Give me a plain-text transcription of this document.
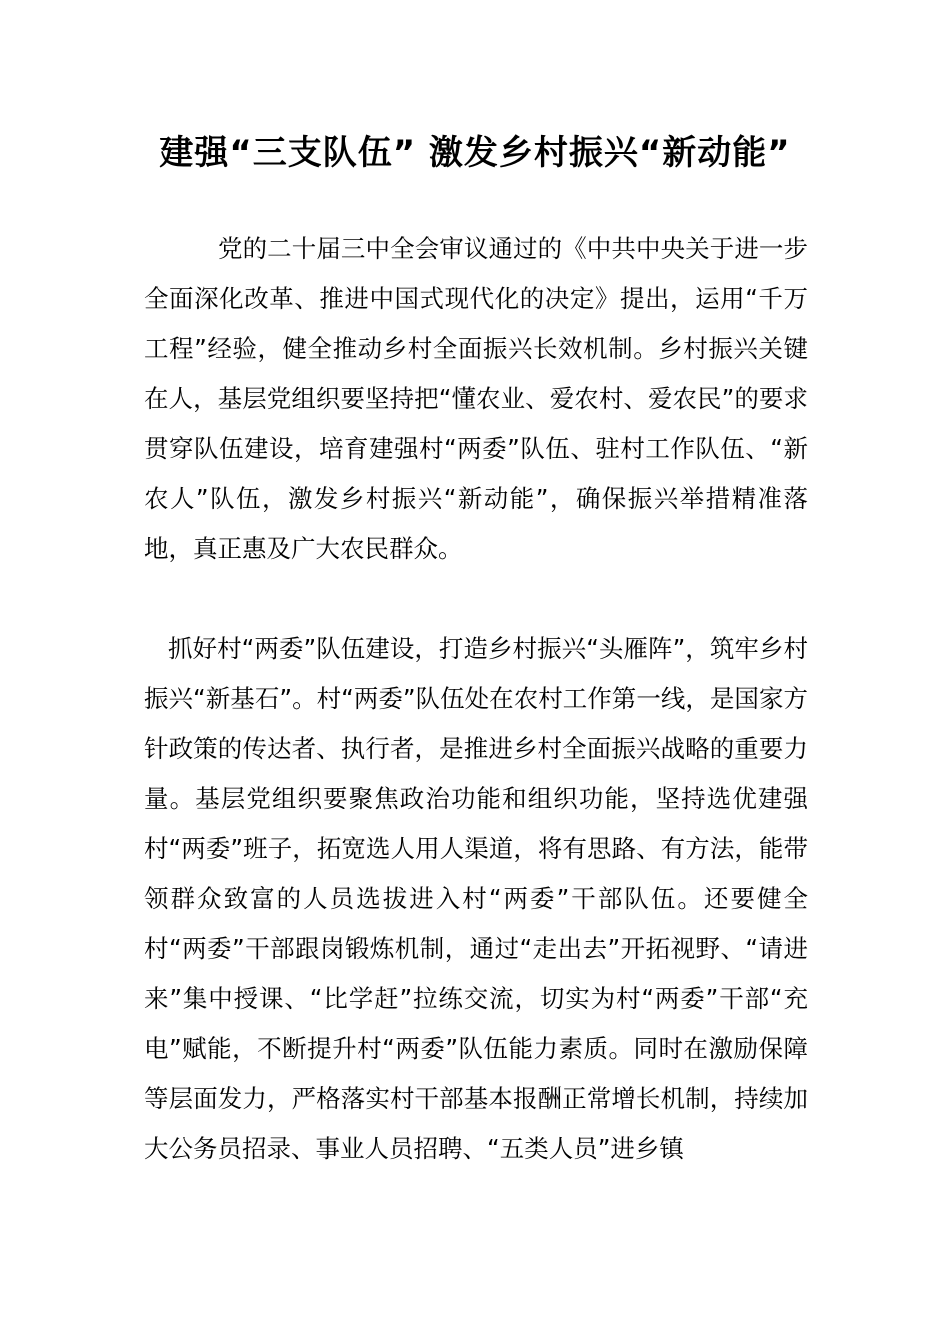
建强“三支队伍” 激发乡村振兴“新动能”

党的二十届三中全会审议通过的《中共中央关于进一步全面深化改革、推进中国式现代化的决定》提出，运用“千万工程”经验，健全推动乡村全面振兴长效机制。乡村振兴关键在人，基层党组织要坚持把“懂农业、爱农村、爱农民”的要求贯穿队伍建设，培育建强村“两委”队伍、驻村工作队伍、“新农人”队伍，激发乡村振兴“新动能”，确保振兴举措精准落地，真正惠及广大农民群众。

抓好村“两委”队伍建设，打造乡村振兴“头雁阵”，筑牢乡村振兴“新基石”。村“两委”队伍处在农村工作第一线，是国家方针政策的传达者、执行者，是推进乡村全面振兴战略的重要力量。基层党组织要聚焦政治功能和组织功能，坚持选优建强村“两委”班子，拓宽选人用人渠道，将有思路、有方法，能带领群众致富的人员选拔进入村“两委”干部队伍。还要健全村“两委”干部跟岗锻炼机制，通过“走出去”开拓视野、“请进来”集中授课、“比学赶”拉练交流，切实为村“两委”干部“充电”赋能，不断提升村“两委”队伍能力素质。同时在激励保障等层面发力，严格落实村干部基本报酬正常增长机制，持续加大公务员招录、事业人员招聘、“五类人员”进乡镇
